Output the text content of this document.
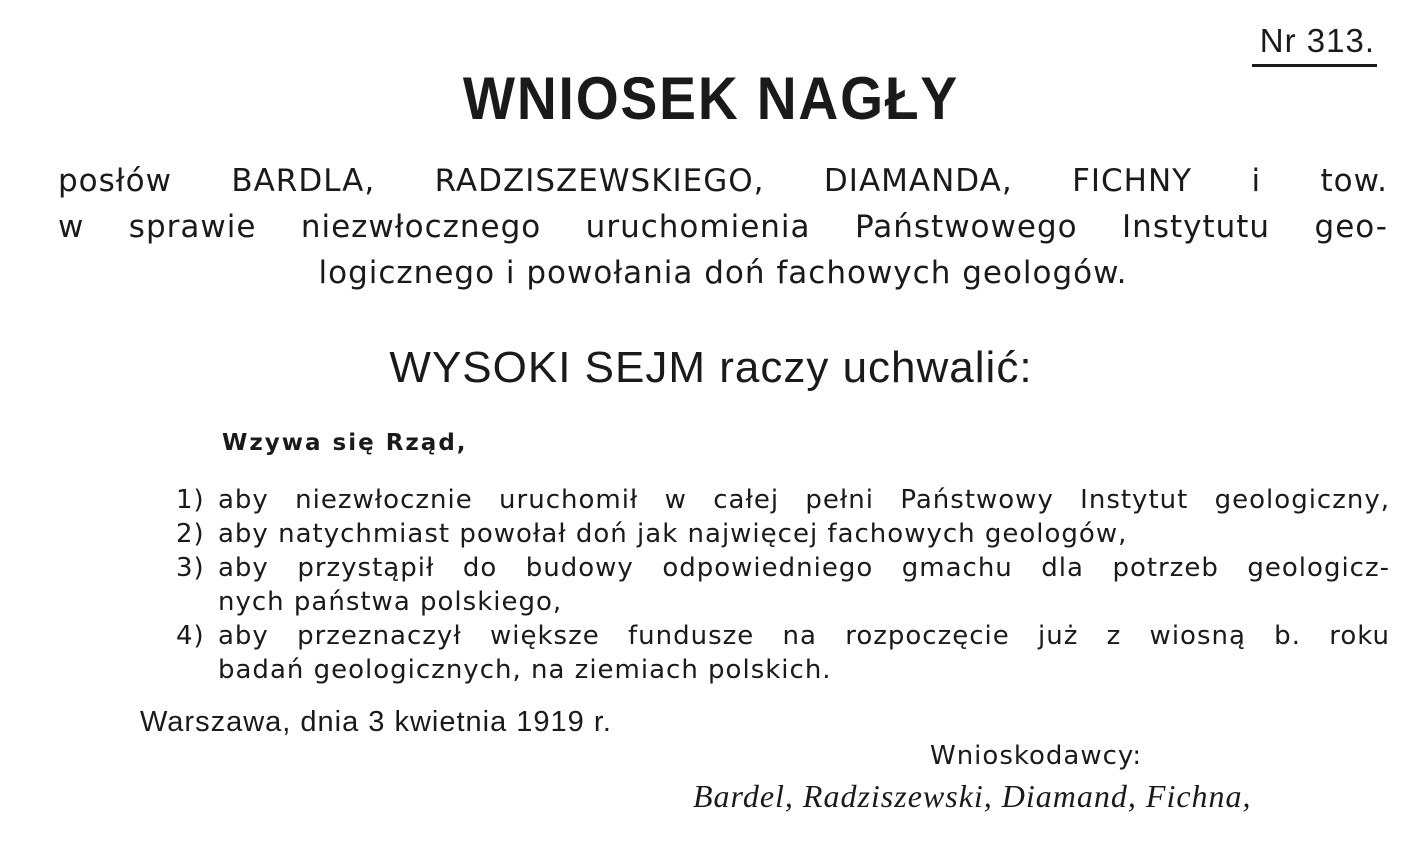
Nr 313.
WNIOSEK NAGŁY
posłów BARDLA, RADZISZEWSKIEGO, DIAMANDA, FICHNY i tow.
w sprawie niezwłocznego uruchomienia Państwowego Instytutu geo-
logicznego i powołania doń fachowych geologów.
WYSOKI SEJM raczy uchwalić:
Wzywa się Rząd,
1) aby niezwłocznie uruchomił w całej pełni Państwowy Instytut geologiczny,
2) aby natychmiast powołał doń jak najwięcej fachowych geologów,
3) aby przystąpił do budowy odpowiedniego gmachu dla potrzeb geologicz-
nych państwa polskiego,
4) aby przeznaczył większe fundusze na rozpoczęcie już z wiosną b. roku
badań geologicznych, na ziemiach polskich.
Warszawa, dnia 3 kwietnia 1919 r.
Wnioskodawcy:
Bardel, Radziszewski, Diamand, Fichna,
